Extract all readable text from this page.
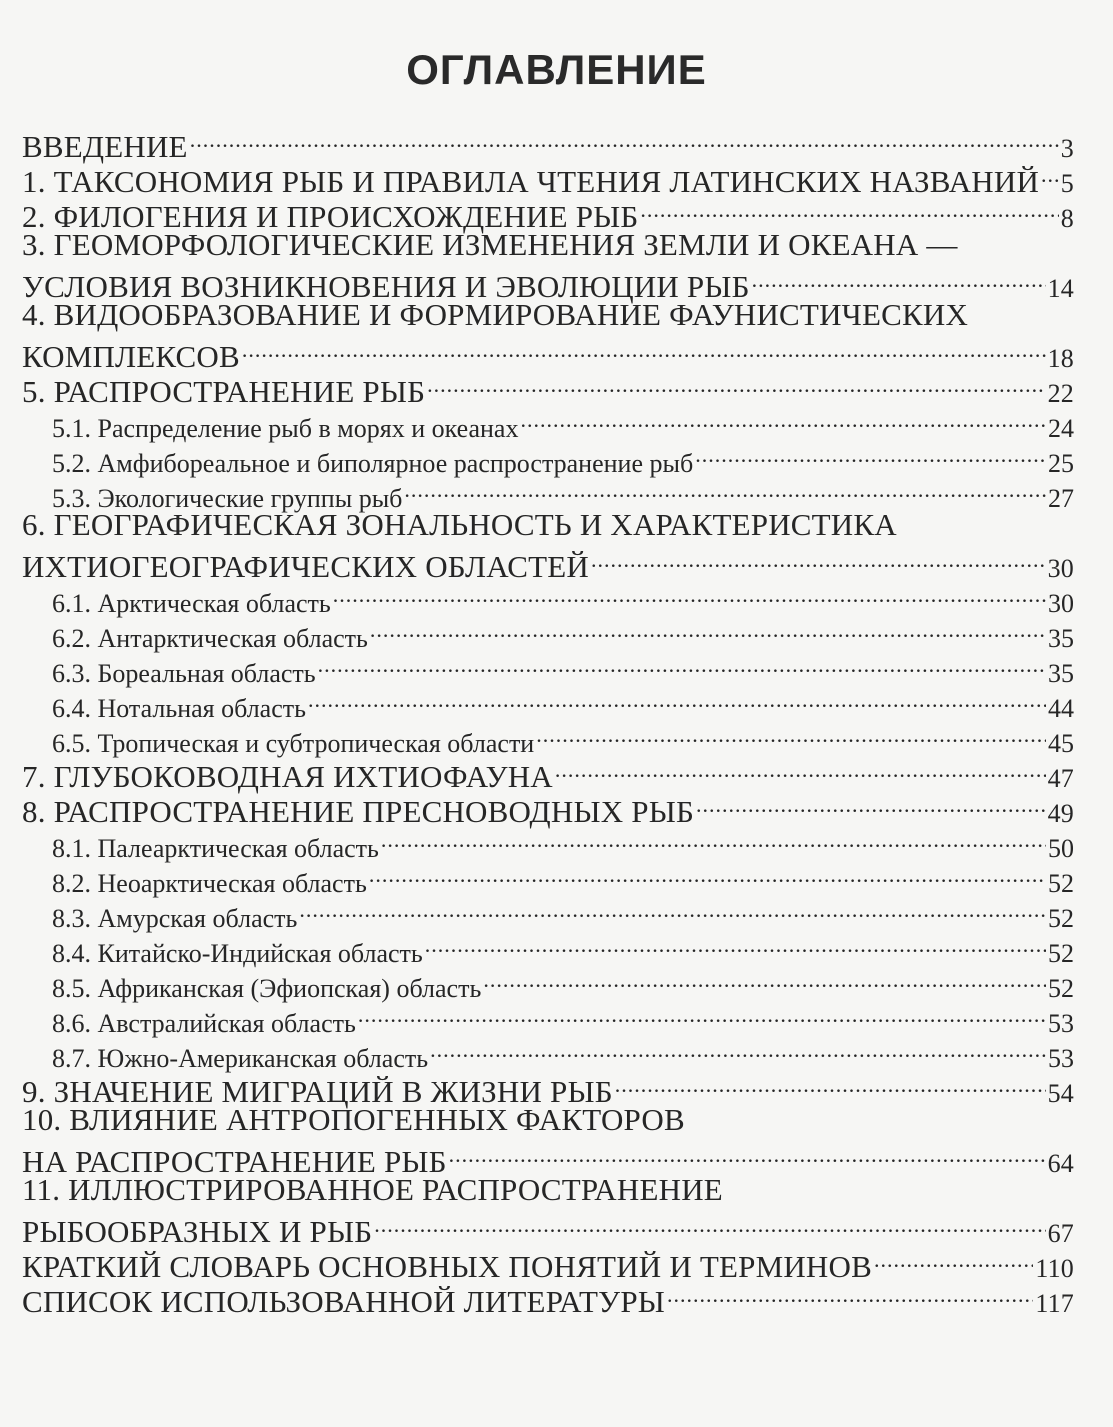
ОГЛАВЛЕНИЕ
ВВЕДЕНИЕ .....	3
1. ТАКСОНОМИЯ РЫБ И ПРАВИЛА ЧТЕНИЯ ЛАТИНСКИХ НАЗВАНИЙ ..... 5
2. ФИЛОГЕНИЯ И ПРОИСХОЖДЕНИЕ РЫБ .....	8
3. ГЕОМОРФОЛОГИЧЕСКИЕ ИЗМЕНЕНИЯ ЗЕМЛИ И ОКЕАНА —
УСЛОВИЯ ВОЗНИКНОВЕНИЯ И ЭВОЛЮЦИИ РЫБ .....	14
4. ВИДООБРАЗОВАНИЕ И ФОРМИРОВАНИЕ ФАУНИСТИЧЕСКИХ
КОМПЛЕКСОВ .....	18
5. РАСПРОСТРАНЕНИЕ РЫБ .....	22
5.1. Распределение рыб в морях и океанах .....	24
5.2. Амфибореальное и биполярное распространение рыб .....	25
5.3. Экологические группы рыб .....	27
6. ГЕОГРАФИЧЕСКАЯ ЗОНАЛЬНОСТЬ И ХАРАКТЕРИСТИКА
ИХТИОГЕОГРАФИЧЕСКИХ ОБЛАСТЕЙ .....	30
6.1. Арктическая область .....	30
6.2. Антарктическая область .....	35
6.3. Бореальная область .....	35
6.4. Нотальная область .....	44
6.5. Тропическая и субтропическая области .....	45
7. ГЛУБОКОВОДНАЯ ИХТИОФАУНА .....	47
8. РАСПРОСТРАНЕНИЕ ПРЕСНОВОДНЫХ РЫБ .....	49
8.1. Палеарктическая область .....	50
8.2. Неоарктическая область .....	52
8.3. Амурская область .....	52
8.4. Китайско-Индийская область .....	52
8.5. Африканская (Эфиопская) область .....	52
8.6. Австралийская область .....	53
8.7. Южно-Американская область .....	53
9. ЗНАЧЕНИЕ МИГРАЦИЙ В ЖИЗНИ РЫБ .....	54
10. ВЛИЯНИЕ АНТРОПОГЕННЫХ ФАКТОРОВ
НА РАСПРОСТРАНЕНИЕ РЫБ .....	64
11. ИЛЛЮСТРИРОВАННОЕ РАСПРОСТРАНЕНИЕ
РЫБООБРАЗНЫХ И РЫБ .....	67
КРАТКИЙ СЛОВАРЬ ОСНОВНЫХ ПОНЯТИЙ И ТЕРМИНОВ .....	110
СПИСОК ИСПОЛЬЗОВАННОЙ ЛИТЕРАТУРЫ .....	117
